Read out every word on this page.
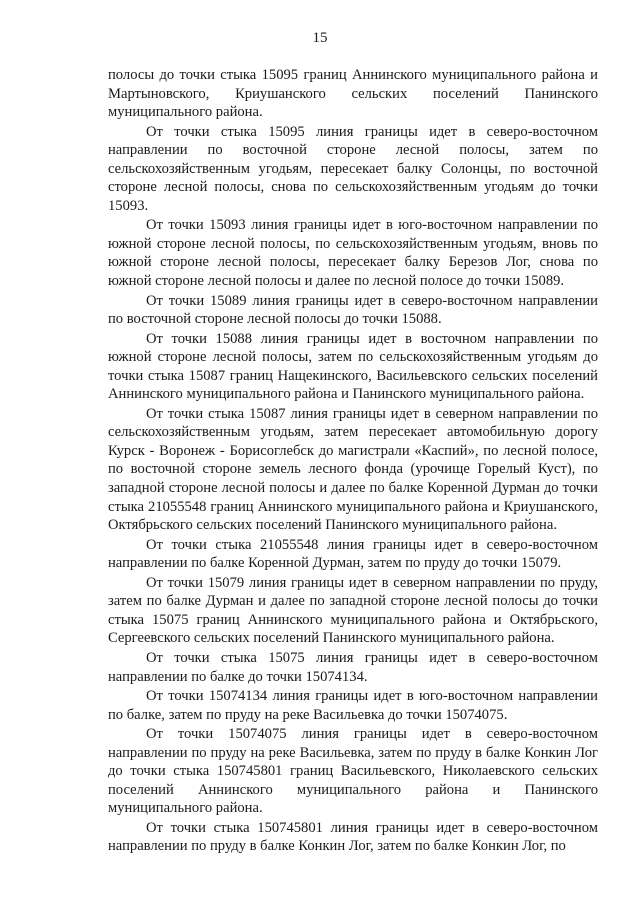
15

полосы до точки стыка 15095 границ Аннинского муниципального района и Мартыновского, Криушанского сельских поселений Панинского муниципального района.

От точки стыка 15095 линия границы идет в северо-восточном направлении по восточной стороне лесной полосы, затем по сельскохозяйственным угодьям, пересекает балку Солонцы, по восточной стороне лесной полосы, снова по сельскохозяйственным угодьям до точки 15093.

От точки 15093 линия границы идет в юго-восточном направлении по южной стороне лесной полосы, по сельскохозяйственным угодьям, вновь по южной стороне лесной полосы, пересекает балку Березов Лог, снова по южной стороне лесной полосы и далее по лесной полосе до точки 15089.

От точки 15089 линия границы идет в северо-восточном направлении по восточной стороне лесной полосы до точки 15088.

От точки 15088 линия границы идет в восточном направлении по южной стороне лесной полосы, затем по сельскохозяйственным угодьям до точки стыка 15087 границ Нащекинского, Васильевского сельских поселений Аннинского муниципального района и Панинского муниципального района.

От точки стыка 15087 линия границы идет в северном направлении по сельскохозяйственным угодьям, затем пересекает автомобильную дорогу Курск - Воронеж - Борисоглебск до магистрали «Каспий», по лесной полосе, по восточной стороне земель лесного фонда (урочище Горелый Куст), по западной стороне лесной полосы и далее по балке Коренной Дурман до точки стыка 21055548 границ Аннинского муниципального района и Криушанского, Октябрьского сельских поселений Панинского муниципального района.

От точки стыка 21055548 линия границы идет в северо-восточном направлении по балке Коренной Дурман, затем по пруду до точки 15079.

От точки 15079 линия границы идет в северном направлении по пруду, затем по балке Дурман и далее по западной стороне лесной полосы до точки стыка 15075 границ Аннинского муниципального района и Октябрьского, Сергеевского сельских поселений Панинского муниципального района.

От точки стыка 15075 линия границы идет в северо-восточном направлении по балке до точки 15074134.

От точки 15074134 линия границы идет в юго-восточном направлении по балке, затем по пруду на реке Васильевка до точки 15074075.

От точки 15074075 линия границы идет в северо-восточном направлении по пруду на реке Васильевка, затем по пруду в балке Конкин Лог до точки стыка 150745801 границ Васильевского, Николаевского сельских поселений Аннинского муниципального района и Панинского муниципального района.

От точки стыка 150745801 линия границы идет в северо-восточном направлении по пруду в балке Конкин Лог, затем по балке Конкин Лог, по
